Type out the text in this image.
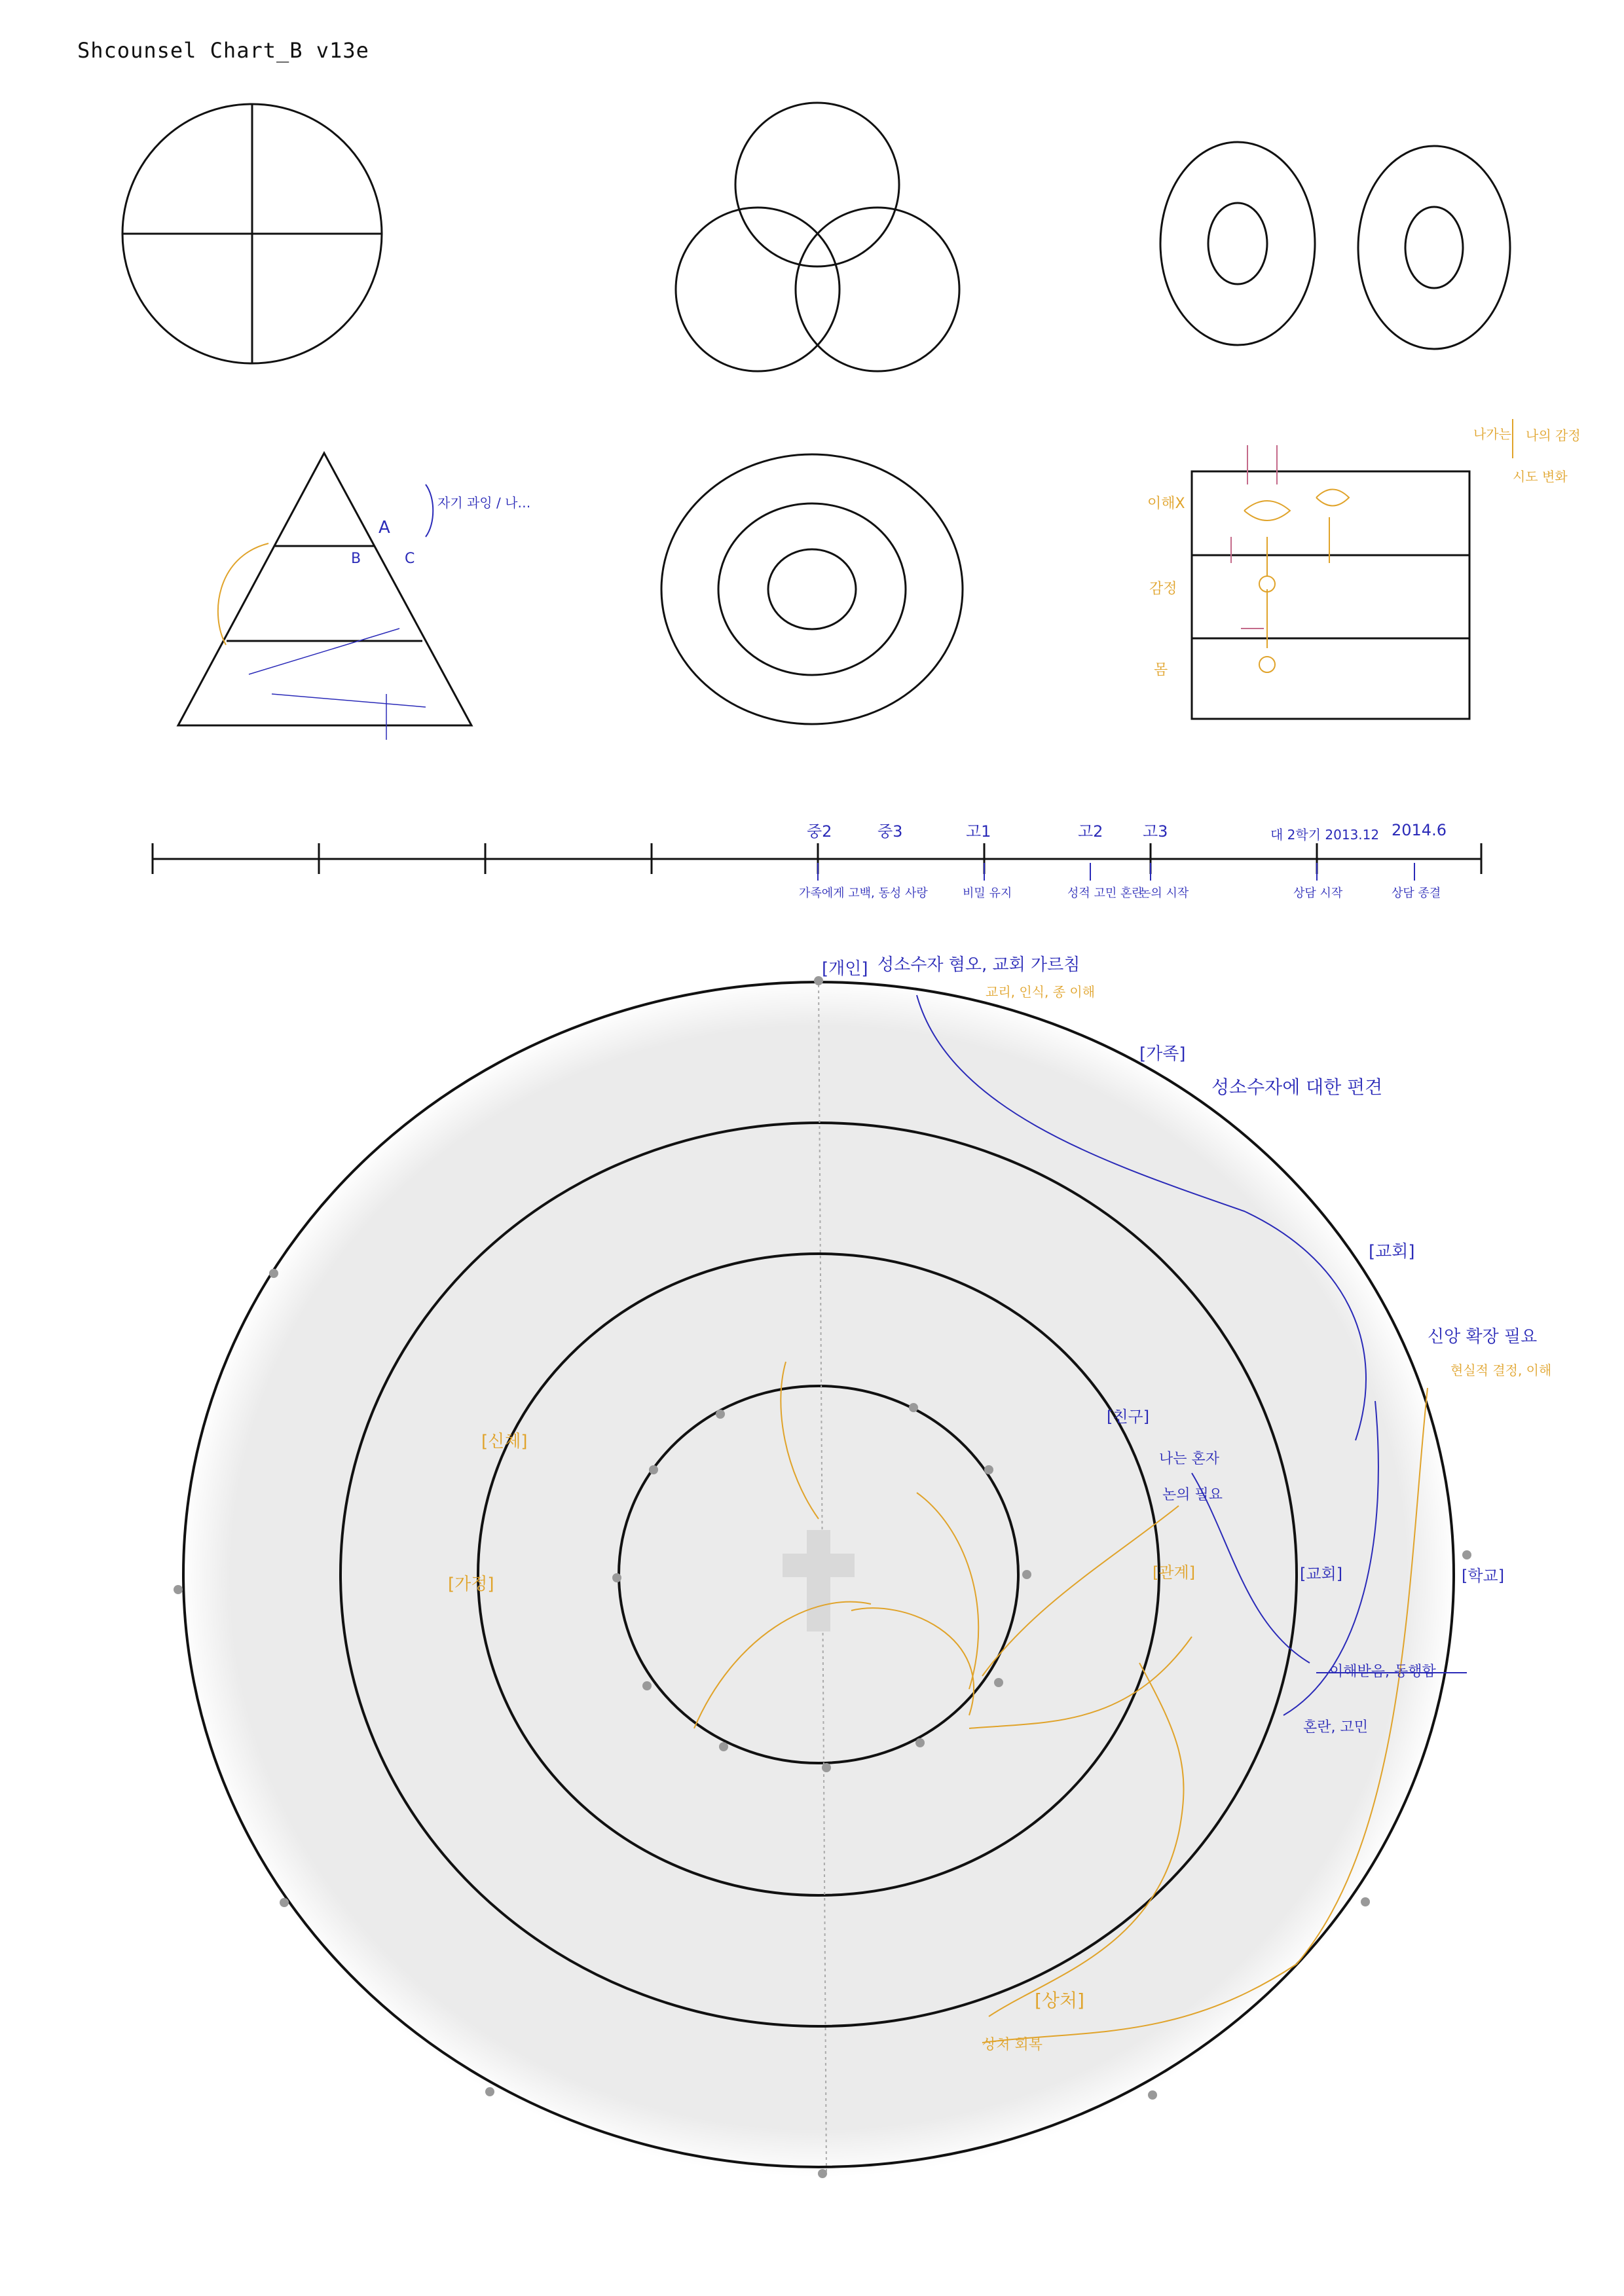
Shcounsel Chart_B v13e
A
자기 과잉 / 나…
B	C
이해X
감정
몸
나가는 나의 감정
시도 변화
중2	중3	고1	고2	고3	대 2학기 2013.12 2014.6
가족에게 고백, 동성 사랑	비밀 유지	성적 고민 혼란
논의 시작	상담 시작	상담 종결
[개인]
[가족]
[교회]
[친구]
[교회]	[학교]
[신체]
[가정]
[관계]
[상처]
성소수자 혐오, 교회 가르침
교리, 인식, 종 이해
성소수자에 대한 편견
신앙 확장 필요
현실적 결정, 이해
나는 혼자
논의 필요
상처 회복
이해받음, 동행함
혼란, 고민
